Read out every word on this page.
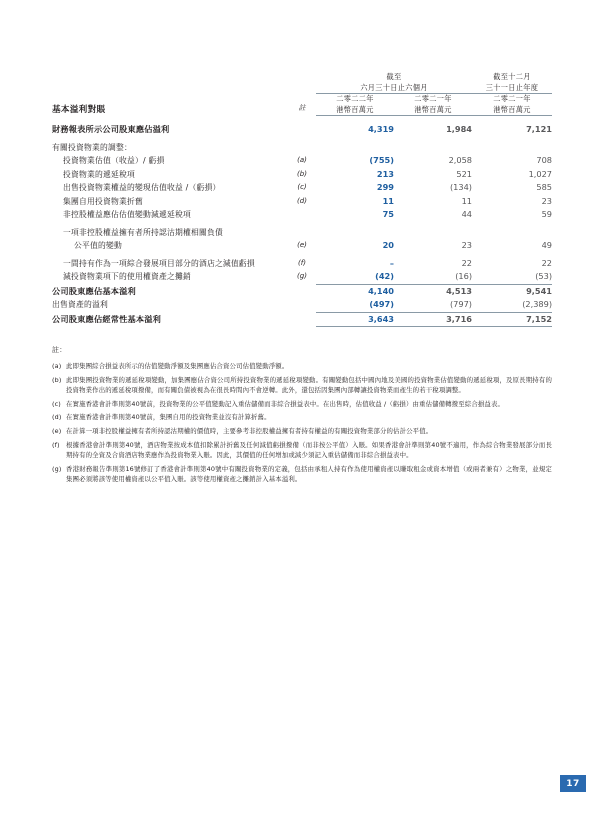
截至
六月三十日止六個月

截至十二月
三十一日止年度

基本溢利對賬	註	
二零二二年
港幣百萬元

二零二一年
港幣百萬元

二零二一年
港幣百萬元

財務報表所示公司股東應佔溢利		4,319	1,984	7,121

有關投資物業的調整：				
投資物業估值（收益）/ 虧損	(a)	(755)	2,058	708
投資物業的遞延稅項	(b)	213	521	1,027
出售投資物業權益的變現估值收益 /（虧損）	(c)	299	(134)	585
集團自用投資物業折舊	(d)	11	11	23
非控股權益應佔估值變動減遞延稅項		75	44	59

一項非控股權益擁有者所持認沽期權相關負債				
公平值的變動	(e)	20	23	49

一間持有作為一項綜合發展項目部分的酒店之減值虧損	(f)	–	22	22
減投資物業項下的使用權資產之攤銷	(g)	(42)	(16)	(53)

公司股東應佔基本溢利		4,140	4,513	9,541
出售資產的溢利		(497)	(797)	(2,389)

公司股東應佔經常性基本溢利		3,643	3,716	7,152

註：
(a) 此即集團綜合損益表所示的估值變動淨額及集團應佔合資公司估值變動淨額。
(b) 此即集團投資物業的遞延稅項變動，加集團應佔合資公司所持投資物業的遞延稅項變動。有關變動包括中國內地及美國的投資物業估值變動的遞延稅項，及原長期持有的投資物業作出的遞延稅項撥備，而有關負債被視為在很長時間內不會逆轉。此外，還包括因集團內部轉讓投資物業而產生的若干稅項調整。
(c) 在實施香港會計準則第40號前，投資物業的公平值變動記入重估儲備而非綜合損益表中。在出售時，估值收益 /（虧損）由重估儲備轉撥至綜合損益表。
(d) 在實施香港會計準則第40號前，集團自用的投資物業並沒有計算折舊。
(e) 在計算一項非控股權益擁有者所持認沽期權的價值時，主要參考非控股權益擁有者持有權益的有關投資物業部分的估計公平值。
(f) 根據香港會計準則第40號，酒店物業按成本值扣除累計折舊及任何減值虧損撥備（而非按公平值）入賬。如果香港會計準則第40號不適用，作為綜合物業發展部分而長期持有的全資及合資酒店物業應作為投資物業入賬。因此，其價值的任何增加或減少須記入重估儲備而非綜合損益表中。
(g) 香港財務報告準則第16號修訂了香港會計準則第40號中有關投資物業的定義，包括由承租人持有作為使用權資產以賺取租金或資本增值（或兩者兼有）之物業，並規定集團必須將該等使用權資產以公平值入賬。該等使用權資產之攤銷計入基本溢利。
17
